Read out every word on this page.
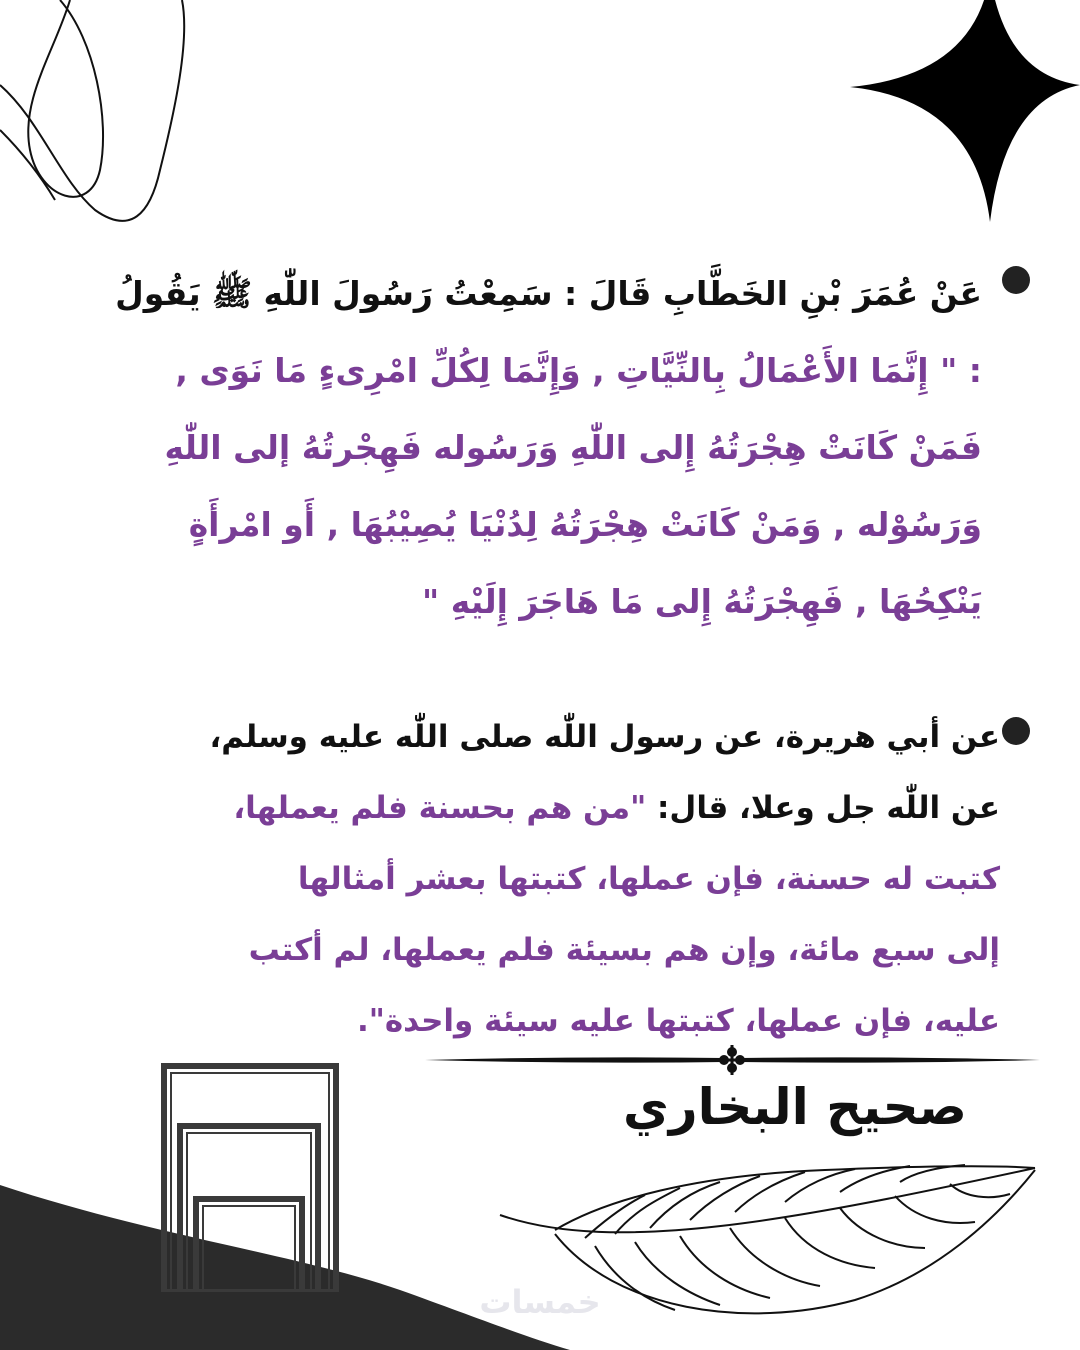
عَنْ عُمَرَ بْنِ الخَطَّابِ قَالَ : سَمِعْتُ رَسُولَ اللّٰهِ ﷺ يَقُولُ
: " إِنَّمَا الأَعْمَالُ بِالنِّيَّاتِ , وَإِنَّمَا لِكُلِّ امْرِىءٍ مَا نَوَى ,
فَمَنْ كَانَتْ هِجْرَتُهُ إِلى اللّٰهِ وَرَسُوله فَهِجْرتُهُ إلى اللّٰهِ
وَرَسُوْله , وَمَنْ كَانَتْ هِجْرَتُهُ لِدُنْيَا يُصِيْبُهَا , أَو امْرأَةٍ
يَنْكِحُهَا , فَهِجْرَتُهُ إِلى مَا هَاجَرَ إِلَيْهِ "
عن أبي هريرة، عن رسول اللّٰه صلى اللّٰه عليه وسلم،
عن اللّٰه جل وعلا، قال: "من هم بحسنة فلم يعملها،
كتبت له حسنة، فإن عملها، كتبتها بعشر أمثالها
إلى سبع مائة، وإن هم بسيئة فلم يعملها، لم أكتب
عليه، فإن عملها، كتبتها عليه سيئة واحدة".
صحيح البخاري
خمسات
